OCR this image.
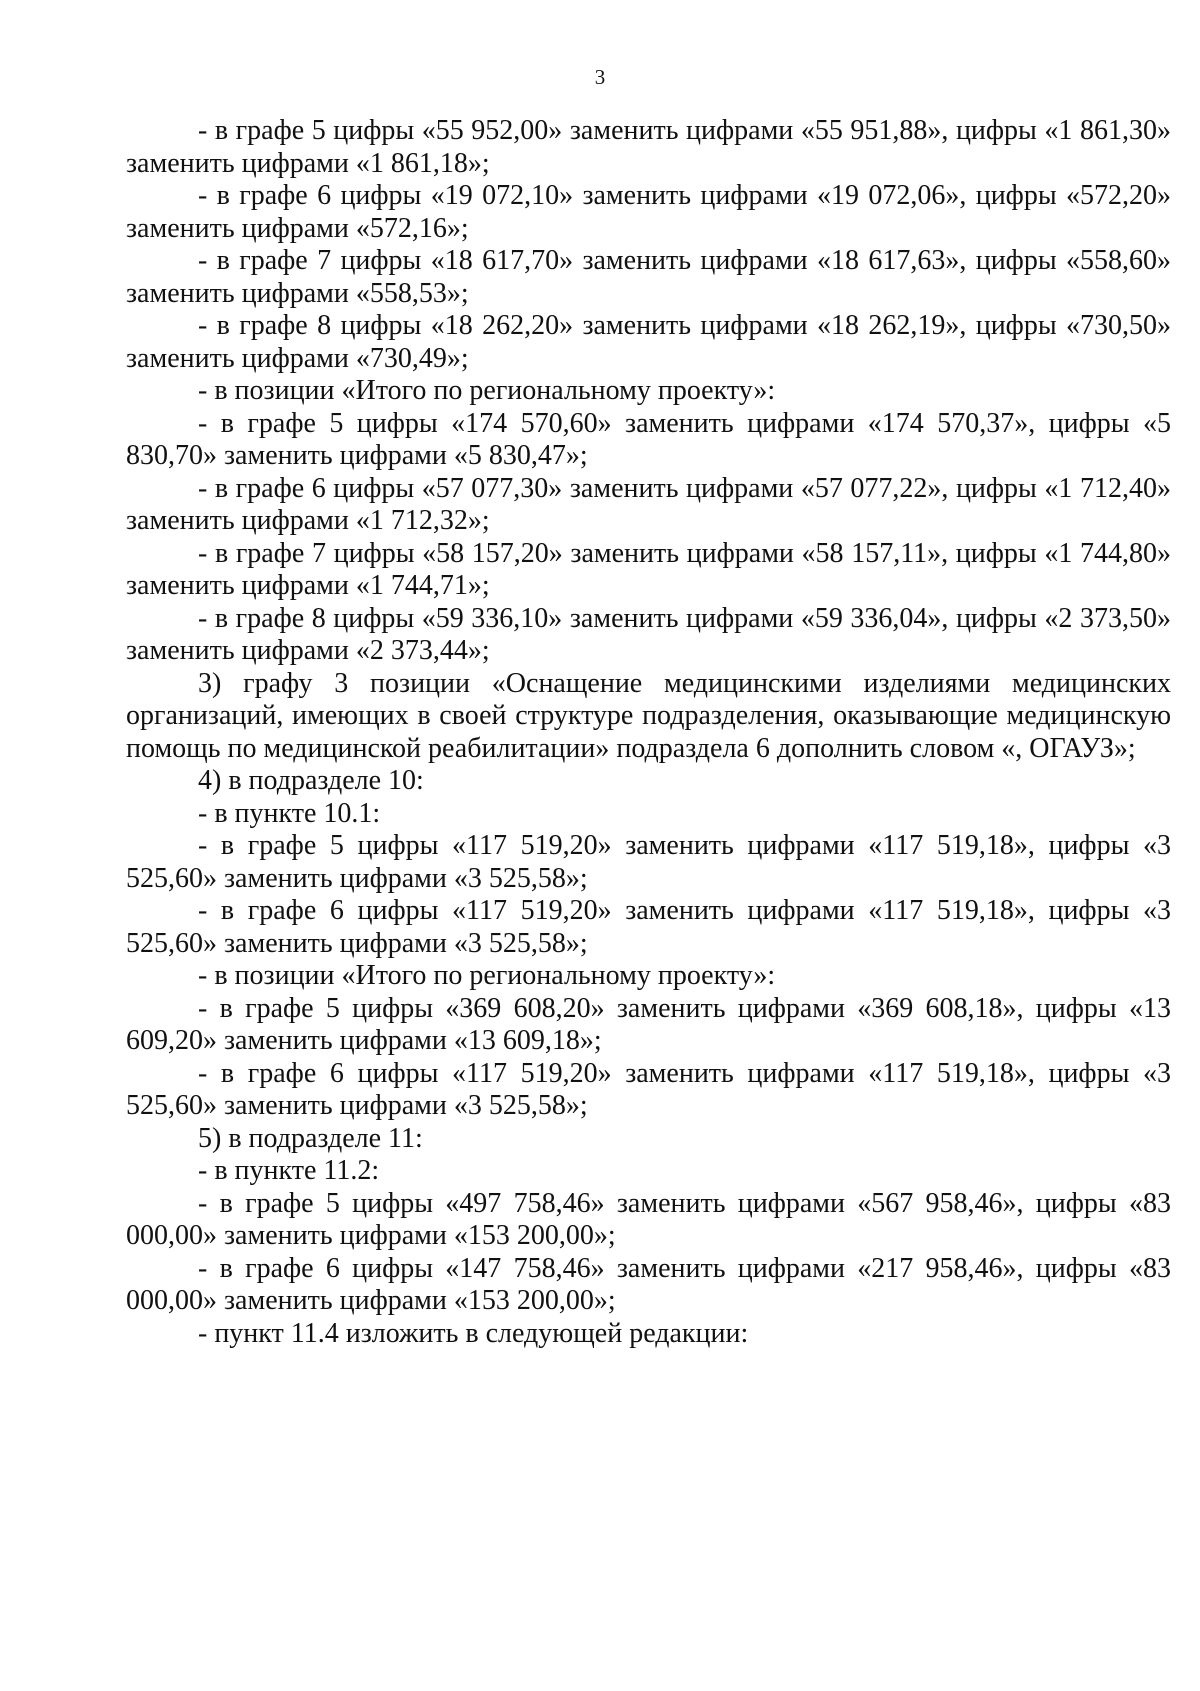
3

- в графе 5 цифры «55 952,00» заменить цифрами «55 951,88», цифры «1 861,30» заменить цифрами «1 861,18»;

- в графе 6 цифры «19 072,10» заменить цифрами «19 072,06», цифры «572,20» заменить цифрами «572,16»;

- в графе 7 цифры «18 617,70» заменить цифрами «18 617,63», цифры «558,60» заменить цифрами «558,53»;

- в графе 8 цифры «18 262,20» заменить цифрами «18 262,19», цифры «730,50» заменить цифрами «730,49»;

- в позиции «Итого по региональному проекту»:

- в графе 5 цифры «174 570,60» заменить цифрами «174 570,37», цифры «5 830,70» заменить цифрами «5 830,47»;

- в графе 6 цифры «57 077,30» заменить цифрами «57 077,22», цифры «1 712,40» заменить цифрами «1 712,32»;

- в графе 7 цифры «58 157,20» заменить цифрами «58 157,11», цифры «1 744,80» заменить цифрами «1 744,71»;

- в графе 8 цифры «59 336,10» заменить цифрами «59 336,04», цифры «2 373,50» заменить цифрами «2 373,44»;

3) графу 3 позиции «Оснащение медицинскими изделиями медицинских организаций, имеющих в своей структуре подразделения, оказывающие медицинскую помощь по медицинской реабилитации» подраздела 6 дополнить словом «, ОГАУЗ»;

4) в подразделе 10:

- в пункте 10.1:

- в графе 5 цифры «117 519,20» заменить цифрами «117 519,18», цифры «3 525,60» заменить цифрами «3 525,58»;

- в графе 6 цифры «117 519,20» заменить цифрами «117 519,18», цифры «3 525,60» заменить цифрами «3 525,58»;

- в позиции «Итого по региональному проекту»:

- в графе 5 цифры «369 608,20» заменить цифрами «369 608,18», цифры «13 609,20» заменить цифрами «13 609,18»;

- в графе 6 цифры «117 519,20» заменить цифрами «117 519,18», цифры «3 525,60» заменить цифрами «3 525,58»;

5) в подразделе 11:

- в пункте 11.2:

- в графе 5 цифры «497 758,46» заменить цифрами «567 958,46», цифры «83 000,00» заменить цифрами «153 200,00»;

- в графе 6 цифры «147 758,46» заменить цифрами «217 958,46», цифры «83 000,00» заменить цифрами «153 200,00»;

- пункт 11.4 изложить в следующей редакции:
